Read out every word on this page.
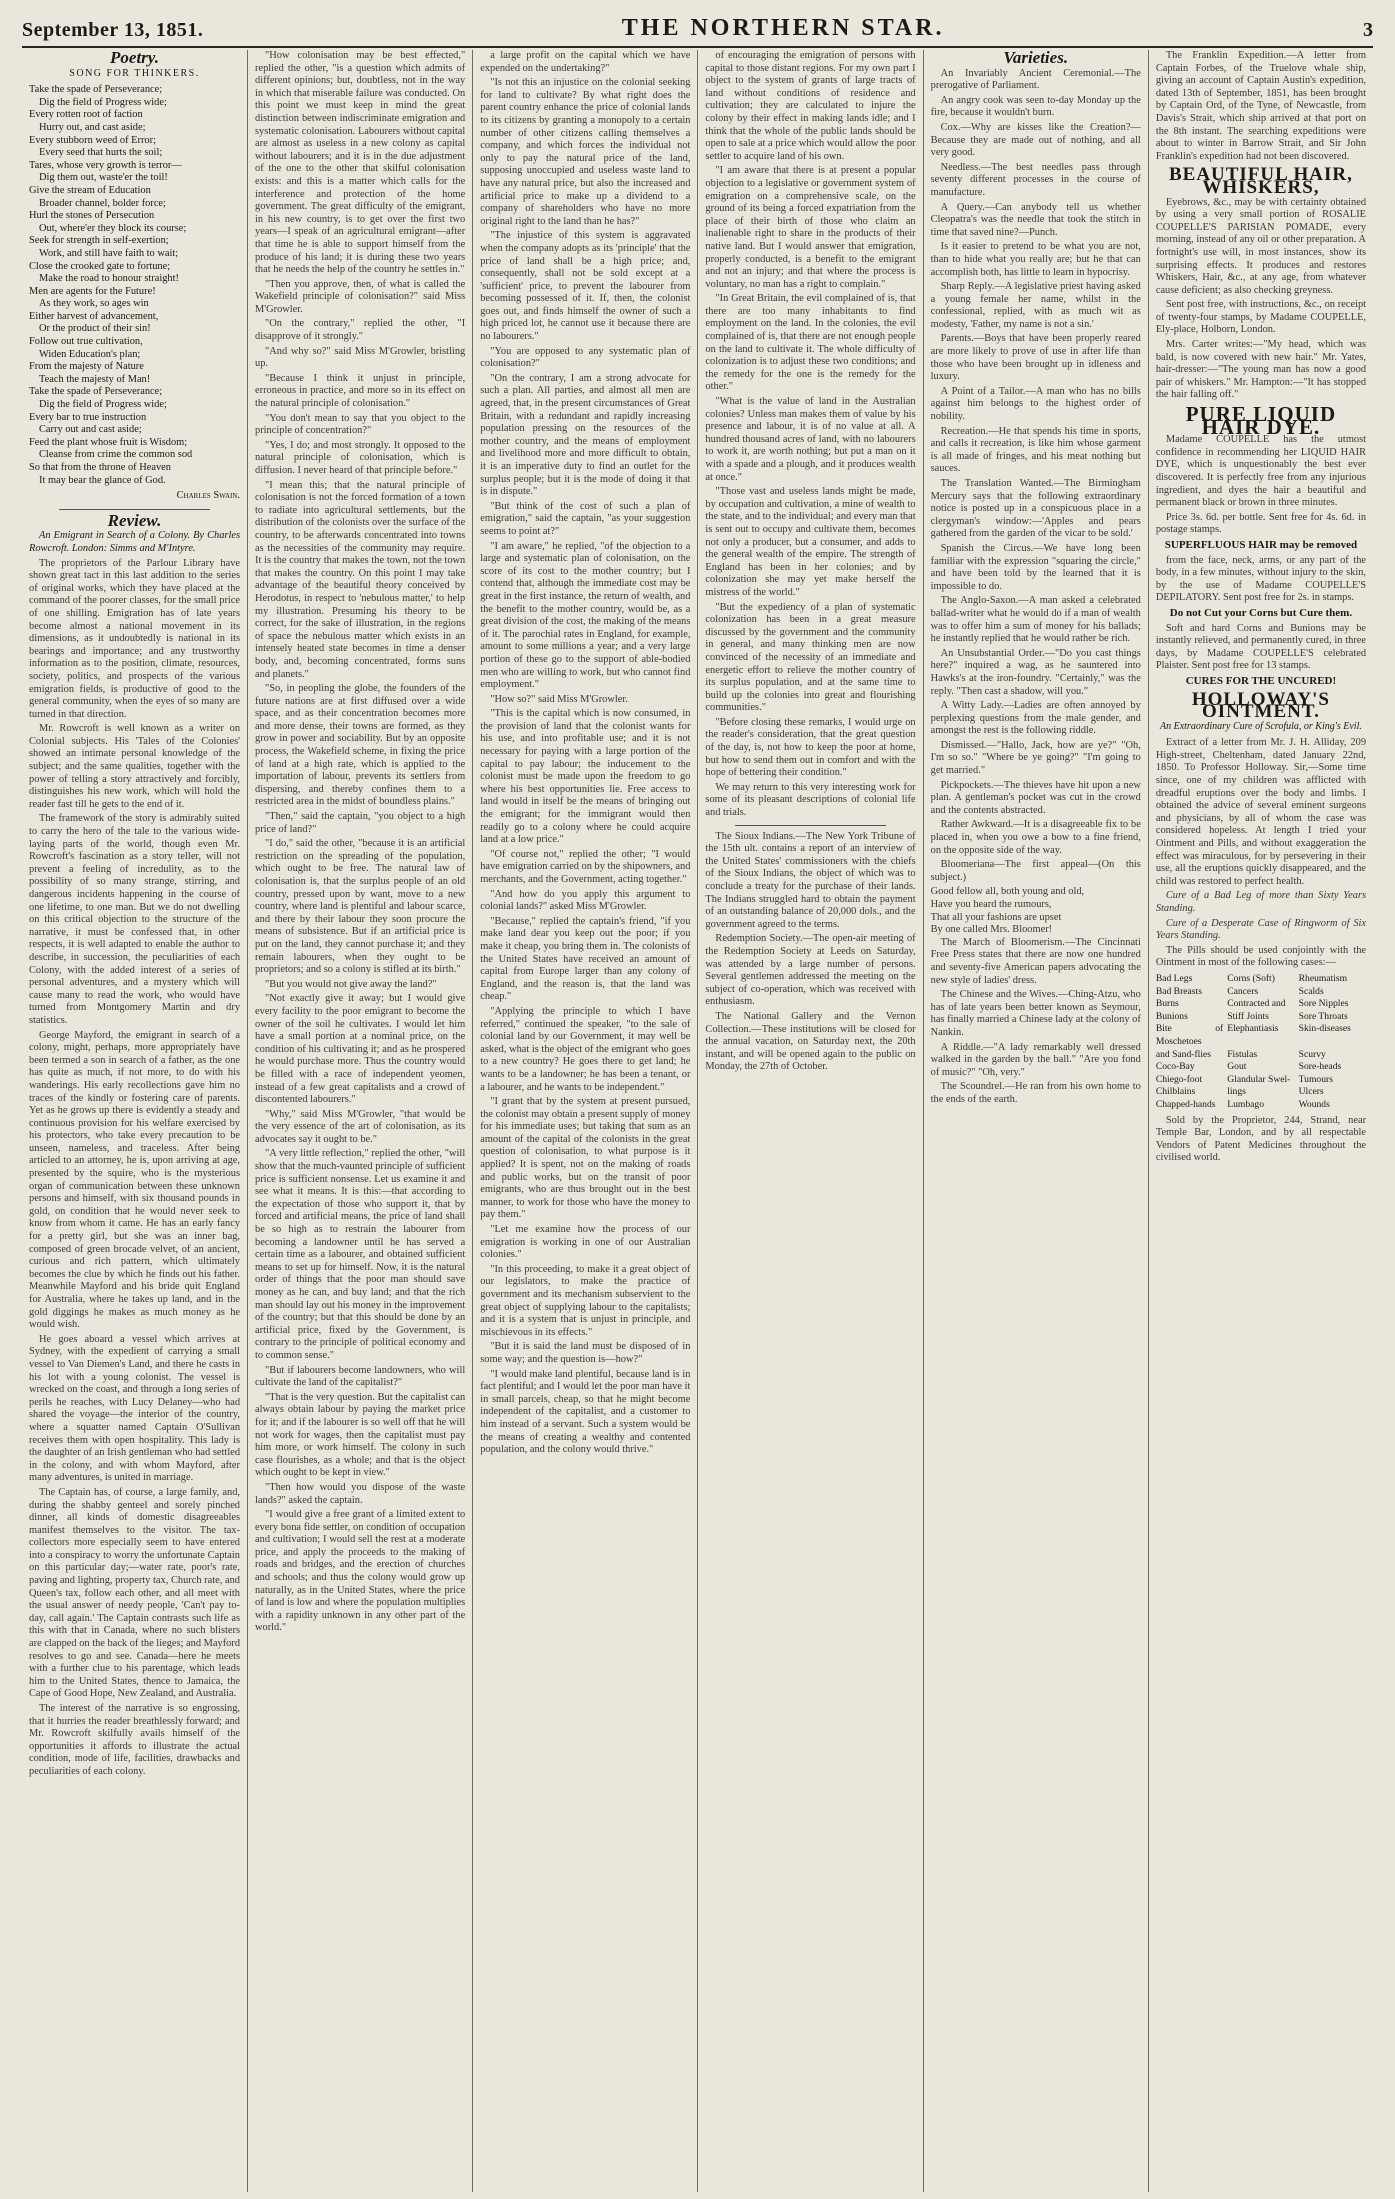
September 13, 1851.	THE NORTHERN STAR.	3
Poetry.
SONG FOR THINKERS.

Take the spade of Perseverance;

Dig the field of Progress wide;

Every rotten root of faction

Hurry out, and cast aside;

Every stubborn weed of Error;

Every seed that hurts the soil;

Tares, whose very growth is terror—

Dig them out, waste'er the toil!

Give the stream of Education

Broader channel, bolder force;

Hurl the stones of Persecution

Out, where'er they block its course;

Seek for strength in self-exertion;

Work, and still have faith to wait;

Close the crooked gate to fortune;

Make the road to honour straight!

Men are agents for the Future!

As they work, so ages win

Either harvest of advancement,

Or the product of their sin!

Follow out true cultivation,

Widen Education's plan;

From the majesty of Nature

Teach the majesty of Man!

Take the spade of Perseverance;

Dig the field of Progress wide;

Every bar to true instruction

Carry out and cast aside;

Feed the plant whose fruit is Wisdom;

Cleanse from crime the common sod

So that from the throne of Heaven

It may bear the glance of God.

Charles Swain.
Review.

An Emigrant in Search of a Colony. By Charles Rowcroft. London: Simms and M'Intyre.

The proprietors of the Parlour Library have shown great tact in this last addition to the series of original works, which they have placed at the command of the poorer classes, for the small price of one shilling. Emigration has of late years become almost a national movement in its dimensions, as it undoubtedly is national in its bearings and importance; and any trustworthy information as to the position, climate, resources, society, politics, and prospects of the various emigration fields, is productive of good to the general community, when the eyes of so many are turned in that direction.

Mr. Rowcroft is well known as a writer on Colonial subjects. His 'Tales of the Colonies' showed an intimate personal knowledge of the subject; and the same qualities, together with the power of telling a story attractively and forcibly, distinguishes his new work, which will hold the reader fast till he gets to the end of it.

The framework of the story is admirably suited to carry the hero of the tale to the various wide-laying parts of the world, though even Mr. Rowcroft's fascination as a story teller, will not prevent a feeling of incredulity, as to the possibility of so many strange, stirring, and dangerous incidents happening in the course of one lifetime, to one man. But we do not dwelling on this critical objection to the structure of the narrative, it must be confessed that, in other respects, it is well adapted to enable the author to describe, in succession, the peculiarities of each Colony, with the added interest of a series of personal adventures, and a mystery which will cause many to read the work, who would have turned from Montgomery Martin and dry statistics.

George Mayford, the emigrant in search of a colony, might, perhaps, more appropriately have been termed a son in search of a father, as the one has quite as much, if not more, to do with his wanderings. His early recollections gave him no traces of the kindly or fostering care of parents. Yet as he grows up there is evidently a steady and continuous provision for his welfare exercised by his protectors, who take every precaution to be unseen, nameless, and traceless. After being articled to an attorney, he is, upon arriving at age, presented by the squire, who is the mysterious organ of communication between these unknown persons and himself, with six thousand pounds in gold, on condition that he would never seek to know from whom it came. He has an early fancy for a pretty girl, but she was an inner bag, composed of green brocade velvet, of an ancient, curious and rich pattern, which ultimately becomes the clue by which he finds out his father. Meanwhile Mayford and his bride quit England for Australia, where he takes up land, and in the gold diggings he makes as much money as he would wish.

He goes aboard a vessel which arrives at Sydney, with the expedient of carrying a small vessel to Van Diemen's Land, and there he casts in his lot with a young colonist. The vessel is wrecked on the coast, and through a long series of perils he reaches, with Lucy Delaney—who had shared the voyage—the interior of the country, where a squatter named Captain O'Sullivan receives them with open hospitality. This lady is the daughter of an Irish gentleman who had settled in the colony, and with whom Mayford, after many adventures, is united in marriage.

The Captain has, of course, a large family, and, during the shabby genteel and sorely pinched dinner, all kinds of domestic disagreeables manifest themselves to the visitor. The tax-collectors more especially seem to have entered into a conspiracy to worry the unfortunate Captain on this particular day;—water rate, poor's rate, paving and lighting, property tax, Church rate, and Queen's tax, follow each other, and all meet with the usual answer of needy people, 'Can't pay to-day, call again.' The Captain contrasts such life as this with that in Canada, where no such blisters are clapped on the back of the lieges; and Mayford resolves to go and see. Canada—here he meets with a further clue to his parentage, which leads him to the United States, thence to Jamaica, the Cape of Good Hope, New Zealand, and Australia.

The interest of the narrative is so engrossing, that it hurries the reader breathlessly forward; and Mr. Rowcroft skilfully avails himself of the opportunities it affords to illustrate the actual condition, mode of life, facilities, drawbacks and peculiarities of each colony.

"How colonisation may be best effected," replied the other, "is a question which admits of different opinions; but, doubtless, not in the way in which that miserable failure was conducted. On this point we must keep in mind the great distinction between indiscriminate emigration and systematic colonisation. Labourers without capital are almost as useless in a new colony as capital without labourers; and it is in the due adjustment of the one to the other that skilful colonisation exists: and this is a matter which calls for the interference and protection of the home government. The great difficulty of the emigrant, in his new country, is to get over the first two years—I speak of an agricultural emigrant—after that time he is able to support himself from the produce of his land; it is during these two years that he needs the help of the country he settles in."

"Then you approve, then, of what is called the Wakefield principle of colonisation?" said Miss M'Growler.

"On the contrary," replied the other, "I disapprove of it strongly."

"And why so?" said Miss M'Growler, bristling up.

"Because I think it unjust in principle, erroneous in practice, and more so in its effect on the natural principle of colonisation."

"You don't mean to say that you object to the principle of concentration?"

"Yes, I do; and most strongly. It opposed to the natural principle of colonisation, which is diffusion. I never heard of that principle before."

"I mean this; that the natural principle of colonisation is not the forced formation of a town to radiate into agricultural settlements, but the distribution of the colonists over the surface of the country, to be afterwards concentrated into towns as the necessities of the community may require. It is the country that makes the town, not the town that makes the country. On this point I may take advantage of the beautiful theory conceived by Herodotus, in respect to 'nebulous matter,' to help my illustration. Presuming his theory to be correct, for the sake of illustration, in the regions of space the nebulous matter which exists in an intensely heated state becomes in time a denser body, and, becoming concentrated, forms suns and planets."

"So, in peopling the globe, the founders of the future nations are at first diffused over a wide space, and as their concentration becomes more and more dense, their towns are formed, as they grow in power and sociability. But by an opposite process, the Wakefield scheme, in fixing the price of land at a high rate, which is applied to the importation of labour, prevents its settlers from dispersing, and thereby confines them to a restricted area in the midst of boundless plains."

"Then," said the captain, "you object to a high price of land?"

"I do," said the other, "because it is an artificial restriction on the spreading of the population, which ought to be free. The natural law of colonisation is, that the surplus people of an old country, pressed upon by want, move to a new country, where land is plentiful and labour scarce, and there by their labour they soon procure the means of subsistence. But if an artificial price is put on the land, they cannot purchase it; and they remain labourers, when they ought to be proprietors; and so a colony is stifled at its birth."

"But you would not give away the land?"

"Not exactly give it away; but I would give every facility to the poor emigrant to become the owner of the soil he cultivates. I would let him have a small portion at a nominal price, on the condition of his cultivating it; and as he prospered he would purchase more. Thus the country would be filled with a race of independent yeomen, instead of a few great capitalists and a crowd of discontented labourers."

"Why," said Miss M'Growler, "that would be the very essence of the art of colonisation, as its advocates say it ought to be."

"A very little reflection," replied the other, "will show that the much-vaunted principle of sufficient price is sufficient nonsense. Let us examine it and see what it means. It is this:—that according to the expectation of those who support it, that by forced and artificial means, the price of land shall be so high as to restrain the labourer from becoming a landowner until he has served a certain time as a labourer, and obtained sufficient means to set up for himself. Now, it is the natural order of things that the poor man should save money as he can, and buy land; and that the rich man should lay out his money in the improvement of the country; but that this should be done by an artificial price, fixed by the Government, is contrary to the principle of political economy and to common sense."

"But if labourers become landowners, who will cultivate the land of the capitalist?"

"That is the very question. But the capitalist can always obtain labour by paying the market price for it; and if the labourer is so well off that he will not work for wages, then the capitalist must pay him more, or work himself. The colony in such case flourishes, as a whole; and that is the object which ought to be kept in view."

"Then how would you dispose of the waste lands?" asked the captain.

"I would give a free grant of a limited extent to every bona fide settler, on condition of occupation and cultivation; I would sell the rest at a moderate price, and apply the proceeds to the making of roads and bridges, and the erection of churches and schools; and thus the colony would grow up naturally, as in the United States, where the price of land is low and where the population multiplies with a rapidity unknown in any other part of the world."

a large profit on the capital which we have expended on the undertaking?"

"Is not this an injustice on the colonial seeking for land to cultivate? By what right does the parent country enhance the price of colonial lands to its citizens by granting a monopoly to a certain number of other citizens calling themselves a company, and which forces the individual not only to pay the natural price of the land, supposing unoccupied and useless waste land to have any natural price, but also the increased and artificial price to make up a dividend to a company of shareholders who have no more original right to the land than he has?"

"The injustice of this system is aggravated when the company adopts as its 'principle' that the price of land shall be a high price; and, consequently, shall not be sold except at a 'sufficient' price, to prevent the labourer from becoming possessed of it. If, then, the colonist goes out, and finds himself the owner of such a high priced lot, he cannot use it because there are no labourers."

"You are opposed to any systematic plan of colonisation?"

"On the contrary, I am a strong advocate for such a plan. All parties, and almost all men are agreed, that, in the present circumstances of Great Britain, with a redundant and rapidly increasing population pressing on the resources of the mother country, and the means of employment and livelihood more and more difficult to obtain, it is an imperative duty to find an outlet for the surplus people; but it is the mode of doing it that is in dispute."

"But think of the cost of such a plan of emigration," said the captain, "as your suggestion seems to point at?"

"I am aware," he replied, "of the objection to a large and systematic plan of colonisation, on the score of its cost to the mother country; but I contend that, although the immediate cost may be great in the first instance, the return of wealth, and the benefit to the mother country, would be, as a great division of the cost, the making of the means of it. The parochial rates in England, for example, amount to some millions a year; and a very large portion of these go to the support of able-bodied men who are willing to work, but who cannot find employment."

"How so?" said Miss M'Growler.

"This is the capital which is now consumed, in the provision of land that the colonist wants for his use, and into profitable use; and it is not necessary for paying with a large portion of the capital to pay labour; the inducement to the colonist must be made upon the freedom to go where his best opportunities lie. Free access to land would in itself be the means of bringing out the emigrant; for the immigrant would then readily go to a colony where he could acquire land at a low price."

"Of course not," replied the other; "I would have emigration carried on by the shipowners, and merchants, and the Government, acting together."

"And how do you apply this argument to colonial lands?" asked Miss M'Growler.

"Because," replied the captain's friend, "if you make land dear you keep out the poor; if you make it cheap, you bring them in. The colonists of the United States have received an amount of capital from Europe larger than any colony of England, and the reason is, that the land was cheap."

"Applying the principle to which I have referred," continued the speaker, "to the sale of colonial land by our Government, it may well be asked, what is the object of the emigrant who goes to a new country? He goes there to get land; he wants to be a landowner; he has been a tenant, or a labourer, and he wants to be independent."

"I grant that by the system at present pursued, the colonist may obtain a present supply of money for his immediate uses; but taking that sum as an amount of the capital of the colonists in the great question of colonisation, to what purpose is it applied? It is spent, not on the making of roads and public works, but on the transit of poor emigrants, who are thus brought out in the best manner, to work for those who have the money to pay them."

"Let me examine how the process of our emigration is working in one of our Australian colonies."

"In this proceeding, to make it a great object of our legislators, to make the practice of government and its mechanism subservient to the great object of supplying labour to the capitalists; and it is a system that is unjust in principle, and mischievous in its effects."

"But it is said the land must be disposed of in some way; and the question is—how?"

"I would make land plentiful, because land is in fact plentiful; and I would let the poor man have it in small parcels, cheap, so that he might become independent of the capitalist, and a customer to him instead of a servant. Such a system would be the means of creating a wealthy and contented population, and the colony would thrive."

of encouraging the emigration of persons with capital to those distant regions. For my own part I object to the system of grants of large tracts of land without conditions of residence and cultivation; they are calculated to injure the colony by their effect in making lands idle; and I think that the whole of the public lands should be open to sale at a price which would allow the poor settler to acquire land of his own.

"I am aware that there is at present a popular objection to a legislative or government system of emigration on a comprehensive scale, on the ground of its being a forced expatriation from the place of their birth of those who claim an inalienable right to share in the products of their native land. But I would answer that emigration, properly conducted, is a benefit to the emigrant and not an injury; and that where the process is voluntary, no man has a right to complain."

"In Great Britain, the evil complained of is, that there are too many inhabitants to find employment on the land. In the colonies, the evil complained of is, that there are not enough people on the land to cultivate it. The whole difficulty of colonization is to adjust these two conditions; and the remedy for the one is the remedy for the other."

"What is the value of land in the Australian colonies? Unless man makes them of value by his presence and labour, it is of no value at all. A hundred thousand acres of land, with no labourers to work it, are worth nothing; but put a man on it with a spade and a plough, and it produces wealth at once."

"Those vast and useless lands might be made, by occupation and cultivation, a mine of wealth to the state, and to the individual; and every man that is sent out to occupy and cultivate them, becomes not only a producer, but a consumer, and adds to the general wealth of the empire. The strength of England has been in her colonies; and by colonization she may yet make herself the mistress of the world."

"But the expediency of a plan of systematic colonization has been in a great measure discussed by the government and the community in general, and many thinking men are now convinced of the necessity of an immediate and energetic effort to relieve the mother country of its surplus population, and at the same time to build up the colonies into great and flourishing communities."

"Before closing these remarks, I would urge on the reader's consideration, that the great question of the day, is, not how to keep the poor at home, but how to send them out in comfort and with the hope of bettering their condition."

We may return to this very interesting work for some of its pleasant descriptions of colonial life and trials.

The Sioux Indians.—The New York Tribune of the 15th ult. contains a report of an interview of the United States' commissioners with the chiefs of the Sioux Indians, the object of which was to conclude a treaty for the purchase of their lands. The Indians struggled hard to obtain the payment of an outstanding balance of 20,000 dols., and the government agreed to the terms.

Redemption Society.—The open-air meeting of the Redemption Society at Leeds on Saturday, was attended by a large number of persons. Several gentlemen addressed the meeting on the subject of co-operation, which was received with enthusiasm.

The National Gallery and the Vernon Collection.—These institutions will be closed for the annual vacation, on Saturday next, the 20th instant, and will be opened again to the public on Monday, the 27th of October.

Varieties.

An Invariably Ancient Ceremonial.—The prerogative of Parliament.

An angry cook was seen to-day Monday up the fire, because it wouldn't burn.

Cox.—Why are kisses like the Creation?—Because they are made out of nothing, and all very good.

Needless.—The best needles pass through seventy different processes in the course of manufacture.

A Query.—Can anybody tell us whether Cleopatra's was the needle that took the stitch in time that saved nine?—Punch.

Is it easier to pretend to be what you are not, than to hide what you really are; but he that can accomplish both, has little to learn in hypocrisy.

Sharp Reply.—A legislative priest having asked a young female her name, whilst in the confessional, replied, with as much wit as modesty, 'Father, my name is not a sin.'

Parents.—Boys that have been properly reared are more likely to prove of use in after life than those who have been brought up in idleness and luxury.

A Point of a Tailor.—A man who has no bills against him belongs to the highest order of nobility.

Recreation.—He that spends his time in sports, and calls it recreation, is like him whose garment is all made of fringes, and his meat nothing but sauces.

The Translation Wanted.—The Birmingham Mercury says that the following extraordinary notice is posted up in a conspicuous place in a clergyman's window:—'Apples and pears gathered from the garden of the vicar to be sold.'

Spanish the Circus.—We have long been familiar with the expression "squaring the circle," and have been told by the learned that it is impossible to do.

The Anglo-Saxon.—A man asked a celebrated ballad-writer what he would do if a man of wealth was to offer him a sum of money for his ballads; he instantly replied that he would rather be rich.

An Unsubstantial Order.—"Do you cast things here?" inquired a wag, as he sauntered into Hawks's at the iron-foundry. "Certainly," was the reply. "Then cast a shadow, will you."

A Witty Lady.—Ladies are often annoyed by perplexing questions from the male gender, and amongst the rest is the following riddle.

Dismissed.—"Hallo, Jack, how are ye?" "Oh, I'm so so." "Where be ye going?" "I'm going to get married."

Pickpockets.—The thieves have hit upon a new plan. A gentleman's pocket was cut in the crowd and the contents abstracted.

Rather Awkward.—It is a disagreeable fix to be placed in, when you owe a bow to a fine friend, on the opposite side of the way.

Bloomeriana—The first appeal—(On this subject.)

Good fellow all, both young and old,

Have you heard the rumours,

That all your fashions are upset

By one called Mrs. Bloomer!

The March of Bloomerism.—The Cincinnati Free Press states that there are now one hundred and seventy-five American papers advocating the new style of ladies' dress.

The Chinese and the Wives.—Ching-Atzu, who has of late years been better known as Seymour, has finally married a Chinese lady at the colony of Nankin.

A Riddle.—"A lady remarkably well dressed walked in the garden by the ball." "Are you fond of music?" "Oh, very."

The Scoundrel.—He ran from his own home to the ends of the earth.

The Franklin Expedition.—A letter from Captain Forbes, of the Truelove whale ship, giving an account of Captain Austin's expedition, dated 13th of September, 1851, has been brought by Captain Ord, of the Tyne, of Newcastle, from Davis's Strait, which ship arrived at that port on the 8th instant. The searching expeditions were about to winter in Barrow Strait, and Sir John Franklin's expedition had not been discovered.

BEAUTIFUL HAIR, WHISKERS,

Eyebrows, &c., may be with certainty obtained by using a very small portion of ROSALIE COUPELLE'S PARISIAN POMADE, every morning, instead of any oil or other preparation. A fortnight's use will, in most instances, show its surprising effects. It produces and restores Whiskers, Hair, &c., at any age, from whatever cause deficient; as also checking greyness.

Sent post free, with instructions, &c., on receipt of twenty-four stamps, by Madame COUPELLE, Ely-place, Holborn, London.

Mrs. Carter writes:—"My head, which was bald, is now covered with new hair." Mr. Yates, hair-dresser:—"The young man has now a good pair of whiskers." Mr. Hampton:—"It has stopped the hair falling off."

PURE LIQUID HAIR DYE.

Madame COUPELLE has the utmost confidence in recommending her LIQUID HAIR DYE, which is unquestionably the best ever discovered. It is perfectly free from any injurious ingredient, and dyes the hair a beautiful and permanent black or brown in three minutes.

Price 3s. 6d. per bottle. Sent free for 4s. 6d. in postage stamps.

SUPERFLUOUS HAIR may be removed

from the face, neck, arms, or any part of the body, in a few minutes, without injury to the skin, by the use of Madame COUPELLE'S DEPILATORY. Sent post free for 2s. in stamps.

Do not Cut your Corns but Cure them.

Soft and hard Corns and Bunions may be instantly relieved, and permanently cured, in three days, by Madame COUPELLE'S celebrated Plaister. Sent post free for 13 stamps.

CURES FOR THE UNCURED!
HOLLOWAY'S OINTMENT.
An Extraordinary Cure of Scrofula, or King's Evil.

Extract of a letter from Mr. J. H. Alliday, 209 High-street, Cheltenham, dated January 22nd, 1850. To Professor Holloway. Sir,—Some time since, one of my children was afflicted with dreadful eruptions over the body and limbs. I obtained the advice of several eminent surgeons and physicians, by all of whom the case was considered hopeless. At length I tried your Ointment and Pills, and without exaggeration the effect was miraculous, for by persevering in their use, all the eruptions quickly disappeared, and the child was restored to perfect health.

Cure of a Bad Leg of more than Sixty Years Standing.

Cure of a Desperate Case of Ringworm of Six Years Standing.

The Pills should be used conjointly with the Ointment in most of the following cases:—

Bad Legs	Corns (Soft)	Rheumatism
Bad Breasts	Cancers	Scalds
Burns	Contracted and	Sore Nipples
Bunions	Stiff Joints	Sore Throats
Bite of Moschetoes
Elephantiasis	Skin-diseases
and Sand-flies	Fistulas	Scurvy
Coco-Bay	Gout	Sore-heads
Chiego-foot	Glandular Swel- Tumours
Chilblains	lings	Ulcers
Chapped-hands	Lumbago	Wounds

Sold by the Proprietor, 244, Strand, near Temple Bar, London, and by all respectable Vendors of Patent Medicines throughout the civilised world.
